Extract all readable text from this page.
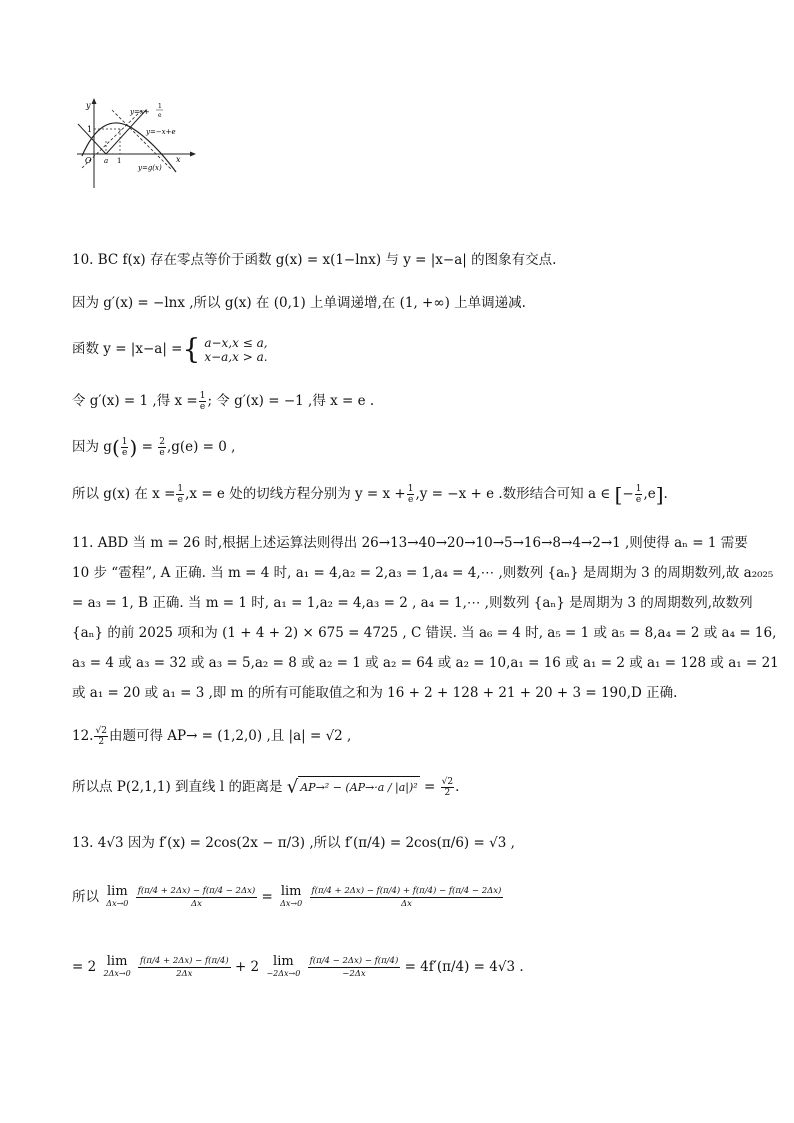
y
x
O
1
a 1
y=x+
1
e
y=−x+e
y=g(x)
10. BC f(x) 存在零点等价于函数 g(x) = x(1−lnx) 与 y = |x−a| 的图象有交点.
因为 g′(x) = −lnx ,所以 g(x) 在 (0,1) 上单调递增,在 (1, +∞) 上单调递减.
函数 y = |x−a| ={ a−x,x ≤ a,
x−a,x > a.
令 g′(x) = 1 ,得 $x = \frac{1}{e}$ ; 令 g′(x) = −1 ,得 x = e .
因为 $g( \frac{1}{e}$ ) = $\frac{2}{e} ,g(e) = 0$ ,
所以 g(x) 在 $x = \frac{1}{e} ,x = e$ 处的切线方程分别为 $y = x + \frac{1}{e} ,y = -x + e$ .数形结合可知 a ∈ [− $\frac{1}{e} ,e$].
11. ABD 当 m = 26 时,根据上述运算法则得出 26→13→40→20→10→5→16→8→4→2→1 ,则使得 aₙ = 1 需要
10 步 “雹程”, A 正确. 当 m = 4 时, a₁ = 4,a₂ = 2,a₃ = 1,a₄ = 4,⋯ ,则数列 {aₙ} 是周期为 3 的周期数列,故 a₂₀₂₅
= a₃ = 1, B 正确. 当 m = 1 时, a₁ = 1,a₂ = 4,a₃ = 2 , a₄ = 1,⋯ ,则数列 {aₙ} 是周期为 3 的周期数列,故数列
{aₙ} 的前 2025 项和为 (1 + 4 + 2) × 675 = 4725 , C 错误. 当 a₆ = 4 时, a₅ = 1 或 a₅ = 8,a₄ = 2 或 a₄ = 16,
a₃ = 4 或 a₃ = 32 或 a₃ = 5,a₂ = 8 或 a₂ = 1 或 a₂ = 64 或 a₂ = 10,a₁ = 16 或 a₁ = 2 或 a₁ = 128 或 a₁ = 21
或 a₁ = 20 或 a₁ = 3 ,即 m 的所有可能取值之和为 16 + 2 + 128 + 21 + 20 + 3 = 190,D 正确.
12. $\frac{√2}{2}$ 由题可得 AP→ = (1,2,0) ,且 |a| = √2 ,
所以点 P(2,1,1) 到直线 l 的距离是 √ $AP\to^2 - (AP\to\cdot a / |a|)^2 = \frac{√2}{2}$ .
13. 4√3 因为 f′(x) = 2cos(2x − π/3) ,所以 f′(π/4) = 2cos(π/6) = √3 ,
所以 lim
Δx→0
$\frac{f(\pi/4 + 2\Delta x) - f(\pi/4 - 2\Delta x)}{\Delta x} = \lim$
Δx→0
$\frac{f(\pi/4 + 2\Delta x) - f(\pi/4) + f(\pi/4) - f(\pi/4 - 2\Delta x)}{\Delta x}$
= 2 lim
2Δx→0
$\frac{f(\pi/4 + 2\Delta x) - f(\pi/4)}{2\Delta x} + 2$	lim
−2Δx→0
$\frac{f(\pi/4 - 2\Delta x) - f(\pi/4)}{-2\Delta x} = 4f'(\pi/4) = 4√3$ .
